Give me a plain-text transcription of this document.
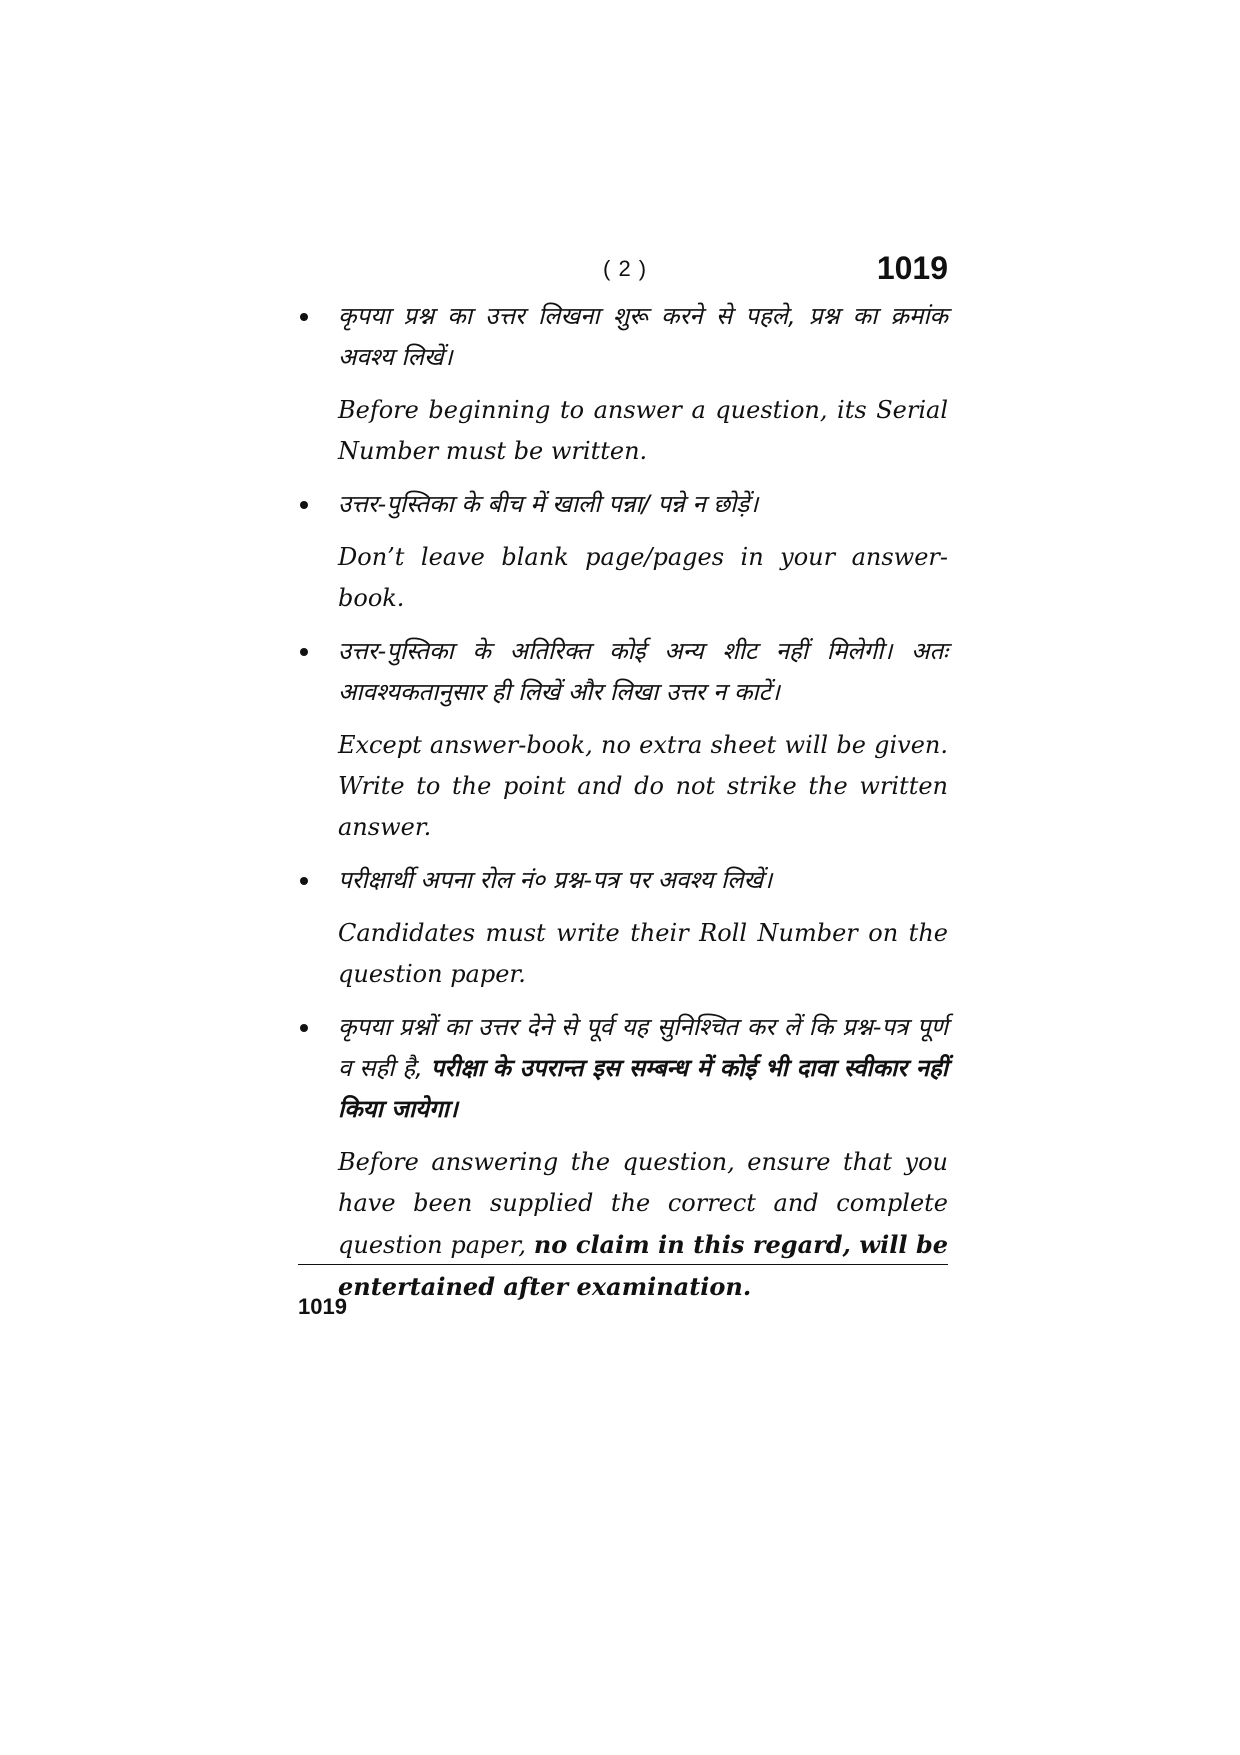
( 2 )	1019

कृपया प्रश्न का उत्तर लिखना शुरू करने से पहले, प्रश्न का क्रमांक अवश्य लिखें।

Before beginning to answer a question, its Serial Number must be written.

उत्तर-पुस्तिका के बीच में खाली पन्ना/ पन्ने न छोड़ें।

Don’t leave blank page/pages in your answer-book.

उत्तर-पुस्तिका के अतिरिक्त कोई अन्य शीट नहीं मिलेगी। अतः आवश्यकतानुसार ही लिखें और लिखा उत्तर न काटें।

Except answer-book, no extra sheet will be given. Write to the point and do not strike the written answer.

परीक्षार्थी अपना रोल नं० प्रश्न-पत्र पर अवश्य लिखें।

Candidates must write their Roll Number on the question paper.

कृपया प्रश्नों का उत्तर देने से पूर्व यह सुनिश्चित कर लें कि प्रश्न-पत्र पूर्ण व सही है, परीक्षा के उपरान्त इस सम्बन्ध में कोई भी दावा स्वीकार नहीं किया जायेगा।

Before answering the question, ensure that you have been supplied the correct and complete question paper, no claim in this regard, will be entertained after examination.

1019
